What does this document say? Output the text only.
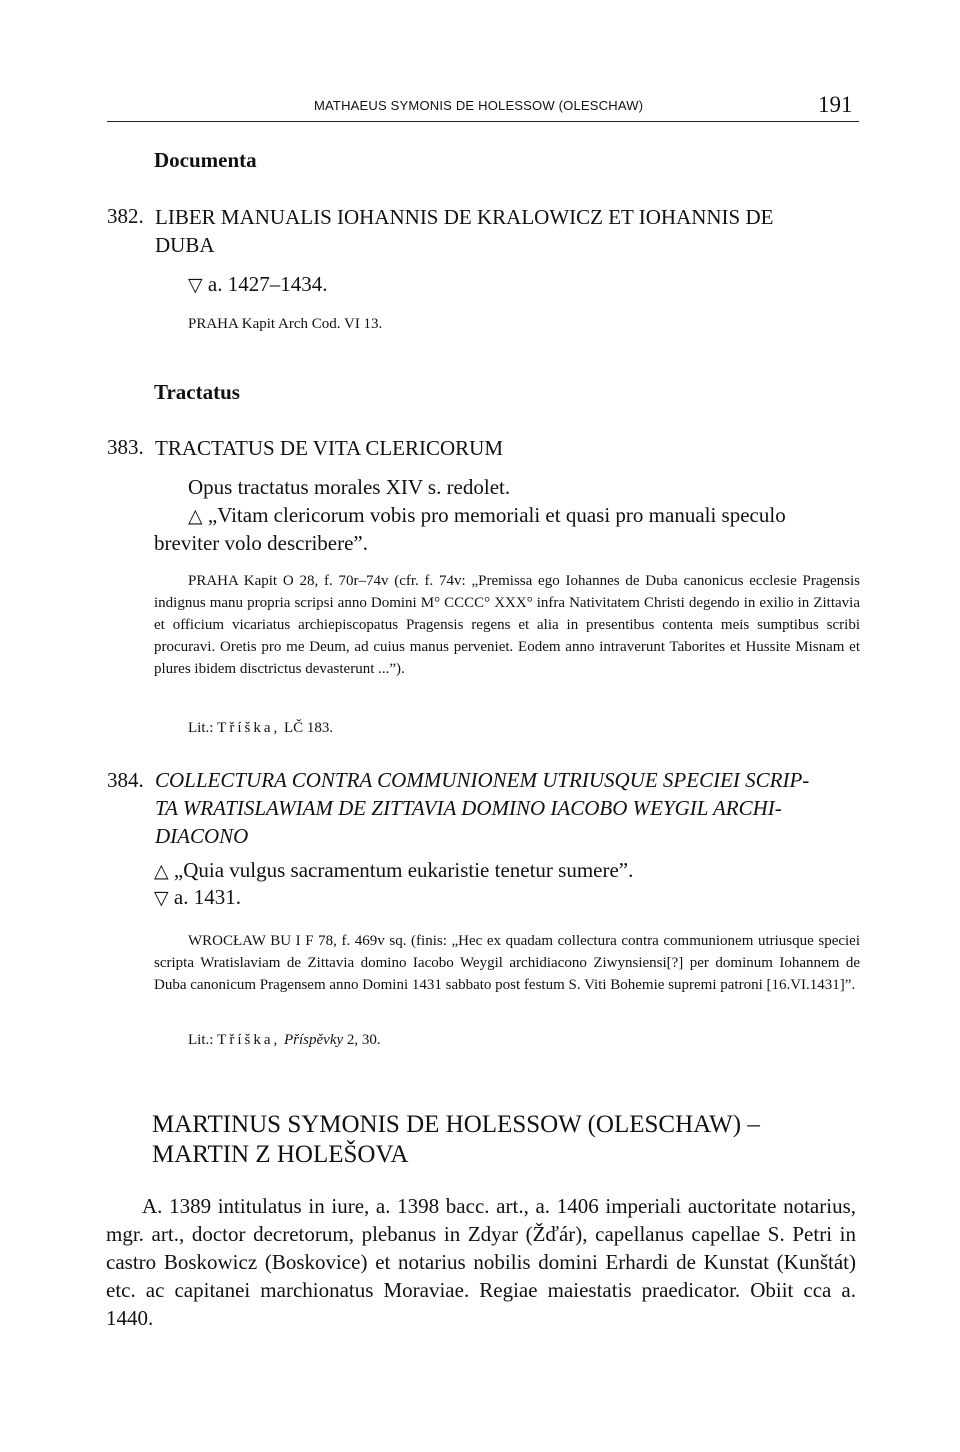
MATHAEUS SYMONIS DE HOLESSOW (OLESCHAW)	191
Documenta
382. LIBER MANUALIS IOHANNIS DE KRALOWICZ ET IOHANNIS DE
DUBA
▽ a. 1427–1434.
PRAHA Kapit Arch Cod. VI 13.
Tractatus
383. TRACTATUS DE VITA CLERICORUM
Opus tractatus morales XIV s. redolet.
△ „Vitam clericorum vobis pro memoriali et quasi pro manuali speculo
breviter volo describere”.
PRAHA Kapit O 28, f. 70r–74v (cfr. f. 74v: „Premissa ego Iohannes de Duba canonicus ecclesie Pragensis indignus manu propria scripsi anno Domini M° CCCC° XXX° infra Nativitatem Christi degendo in exilio in Zittavia et officium vicariatus archiepiscopatus Pragensis regens et alia in presentibus contenta meis sumptibus scribi procuravi. Oretis pro me Deum, ad cuius manus perveniet. Eodem anno intraverunt Taborites et Hussite Misnam et plures ibidem disctrictus devasterunt ...”).
Lit.: Tříška, LČ 183.
384. COLLECTURA CONTRA COMMUNIONEM UTRIUSQUE SPECIEI SCRIP-
TA WRATISLAWIAM DE ZITTAVIA DOMINO IACOBO WEYGIL ARCHI-
DIACONO
△ „Quia vulgus sacramentum eukaristie tenetur sumere”.
▽ a. 1431.
WROCŁAW BU I F 78, f. 469v sq. (finis: „Hec ex quadam collectura contra communionem utriusque speciei scripta Wratislaviam de Zittavia domino Iacobo Weygil archidiacono Ziwynsiensi[?] per dominum Iohannem de Duba canonicum Pragensem anno Domini 1431 sabbato post festum S. Viti Bohemie supremi patroni [16.VI.1431]”.
Lit.: Tříška, Příspěvky 2, 30.
MARTINUS SYMONIS DE HOLESSOW (OLESCHAW) –
MARTIN Z HOLEŠOVA
A. 1389 intitulatus in iure, a. 1398 bacc. art., a. 1406 imperiali auctoritate notarius, mgr. art., doctor decretorum, plebanus in Zdyar (Žďár), capellanus capellae S. Petri in castro Boskowicz (Boskovice) et notarius nobilis domini Erhardi de Kunstat (Kunštát) etc. ac capitanei marchionatus Moraviae. Regiae maiestatis praedicator. Obiit cca a. 1440.
